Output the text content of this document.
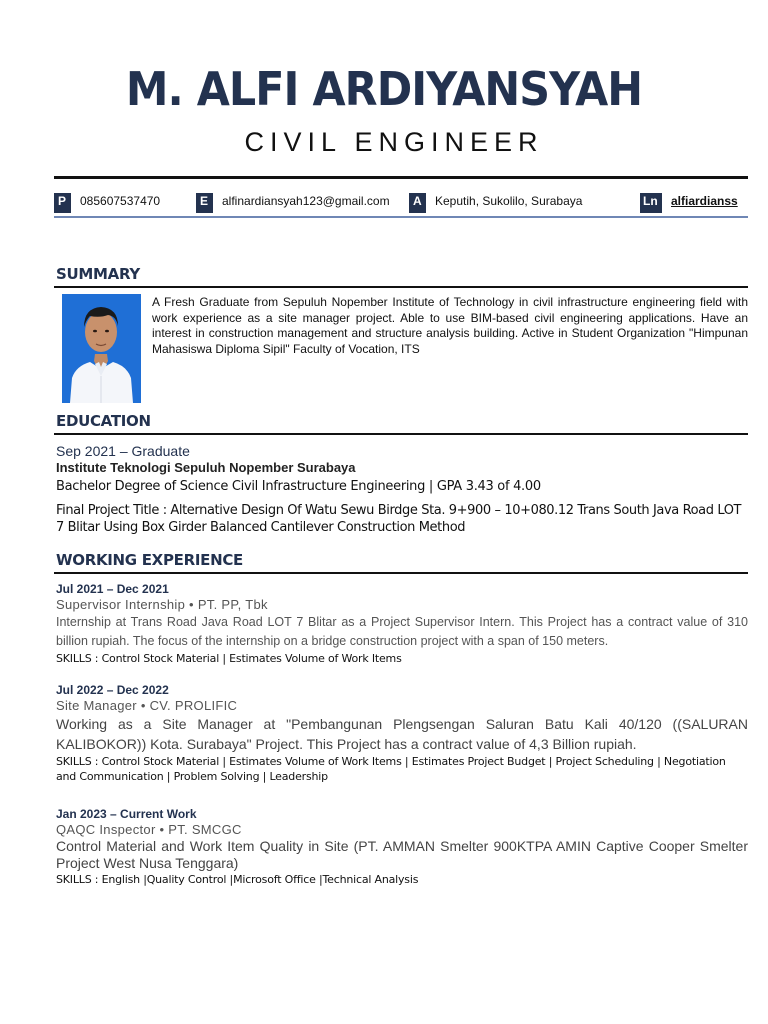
M. ALFI ARDIYANSYAH
CIVIL ENGINEER
P	085607537470	E	alfinardiansyah123@gmail.com	A	Keputih, Sukolilo, Surabaya	Ln	alfiardianss
SUMMARY
A Fresh Graduate from Sepuluh Nopember Institute of Technology in civil infrastructure engineering field with work experience as a site manager project. Able to use BIM-based civil engineering applications. Have an interest in construction management and structure analysis building. Active in Student Organization "Himpunan Mahasiswa Diploma Sipil" Faculty of Vocation, ITS
EDUCATION
Sep 2021 – Graduate
Institute Teknologi Sepuluh Nopember Surabaya
Bachelor Degree of Science Civil Infrastructure Engineering | GPA 3.43 of 4.00
Final Project Title : Alternative Design Of Watu Sewu Birdge Sta. 9+900 – 10+080.12 Trans South Java Road LOT 7 Blitar Using Box Girder Balanced Cantilever Construction Method
WORKING EXPERIENCE
Jul 2021 – Dec 2021
Supervisor Internship • PT. PP, Tbk
Internship at Trans Road Java Road LOT 7 Blitar as a Project Supervisor Intern. This Project has a contract value of 310 billion rupiah. The focus of the internship on a bridge construction project with a span of 150 meters.
SKILLS : Control Stock Material | Estimates Volume of Work Items
Jul 2022 – Dec 2022
Site Manager • CV. PROLIFIC
Working as a Site Manager at "Pembangunan Plengsengan Saluran Batu Kali 40/120 ((SALURAN KALIBOKOR)) Kota. Surabaya" Project. This Project has a contract value of 4,3 Billion rupiah.
SKILLS : Control Stock Material | Estimates Volume of Work Items | Estimates Project Budget | Project Scheduling | Negotiation and Communication | Problem Solving | Leadership
Jan 2023 – Current Work
QAQC Inspector • PT. SMCGC
Control Material and Work Item Quality in Site (PT. AMMAN Smelter 900KTPA AMIN Captive Cooper Smelter Project West Nusa Tenggara)
SKILLS : English |Quality Control |Microsoft Office |Technical Analysis
